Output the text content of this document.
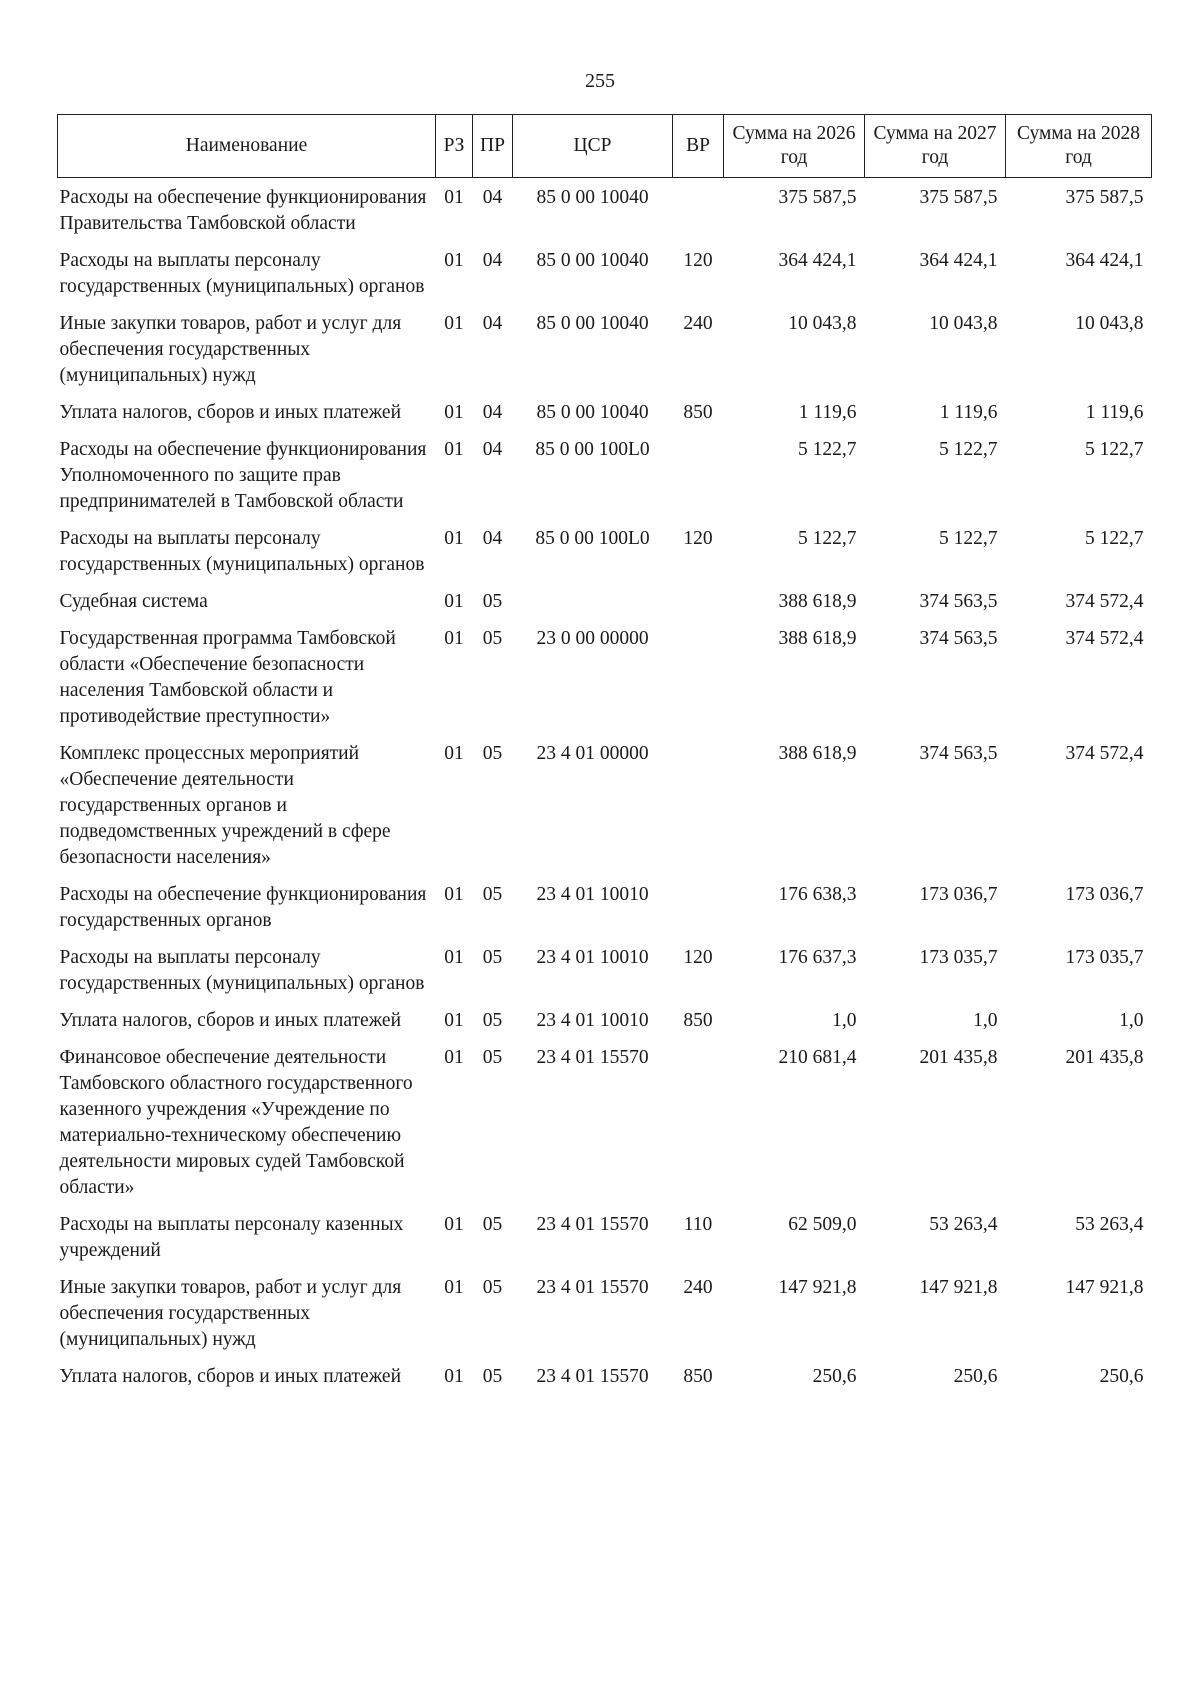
255
Наименование	РЗ	ПР	ЦСР	ВР	Сумма на 2026 год	Сумма на 2027 год	Сумма на 2028 год
Расходы на обеспечение функционирования Правительства Тамбовской области	01	04	85 0 00 10040		375 587,5	375 587,5	375 587,5
Расходы на выплаты персоналу государственных (муниципальных) органов	01	04	85 0 00 10040	120	364 424,1	364 424,1	364 424,1
Иные закупки товаров, работ и услуг для обеспечения государственных (муниципальных) нужд	01	04	85 0 00 10040	240	10 043,8	10 043,8	10 043,8
Уплата налогов, сборов и иных платежей	01	04	85 0 00 10040	850	1 119,6	1 119,6	1 119,6
Расходы на обеспечение функционирования Уполномоченного по защите прав предпринимателей в Тамбовской области	01	04	85 0 00 100L0		5 122,7	5 122,7	5 122,7
Расходы на выплаты персоналу государственных (муниципальных) органов	01	04	85 0 00 100L0	120	5 122,7	5 122,7	5 122,7
Судебная система	01	05			388 618,9	374 563,5	374 572,4
Государственная программа Тамбовской области «Обеспечение безопасности населения Тамбовской области и противодействие преступности»	01	05	23 0 00 00000		388 618,9	374 563,5	374 572,4
Комплекс процессных мероприятий «Обеспечение деятельности государственных органов и подведомственных учреждений в сфере безопасности населения»	01	05	23 4 01 00000		388 618,9	374 563,5	374 572,4
Расходы на обеспечение функционирования государственных органов	01	05	23 4 01 10010		176 638,3	173 036,7	173 036,7
Расходы на выплаты персоналу государственных (муниципальных) органов	01	05	23 4 01 10010	120	176 637,3	173 035,7	173 035,7
Уплата налогов, сборов и иных платежей	01	05	23 4 01 10010	850	1,0	1,0	1,0
Финансовое обеспечение деятельности Тамбовского областного государственного казенного учреждения «Учреждение по материально-техническому обеспечению деятельности мировых судей Тамбовской области»	01	05	23 4 01 15570		210 681,4	201 435,8	201 435,8
Расходы на выплаты персоналу казенных учреждений	01	05	23 4 01 15570	110	62 509,0	53 263,4	53 263,4
Иные закупки товаров, работ и услуг для обеспечения государственных (муниципальных) нужд	01	05	23 4 01 15570	240	147 921,8	147 921,8	147 921,8
Уплата налогов, сборов и иных платежей	01	05	23 4 01 15570	850	250,6	250,6	250,6
